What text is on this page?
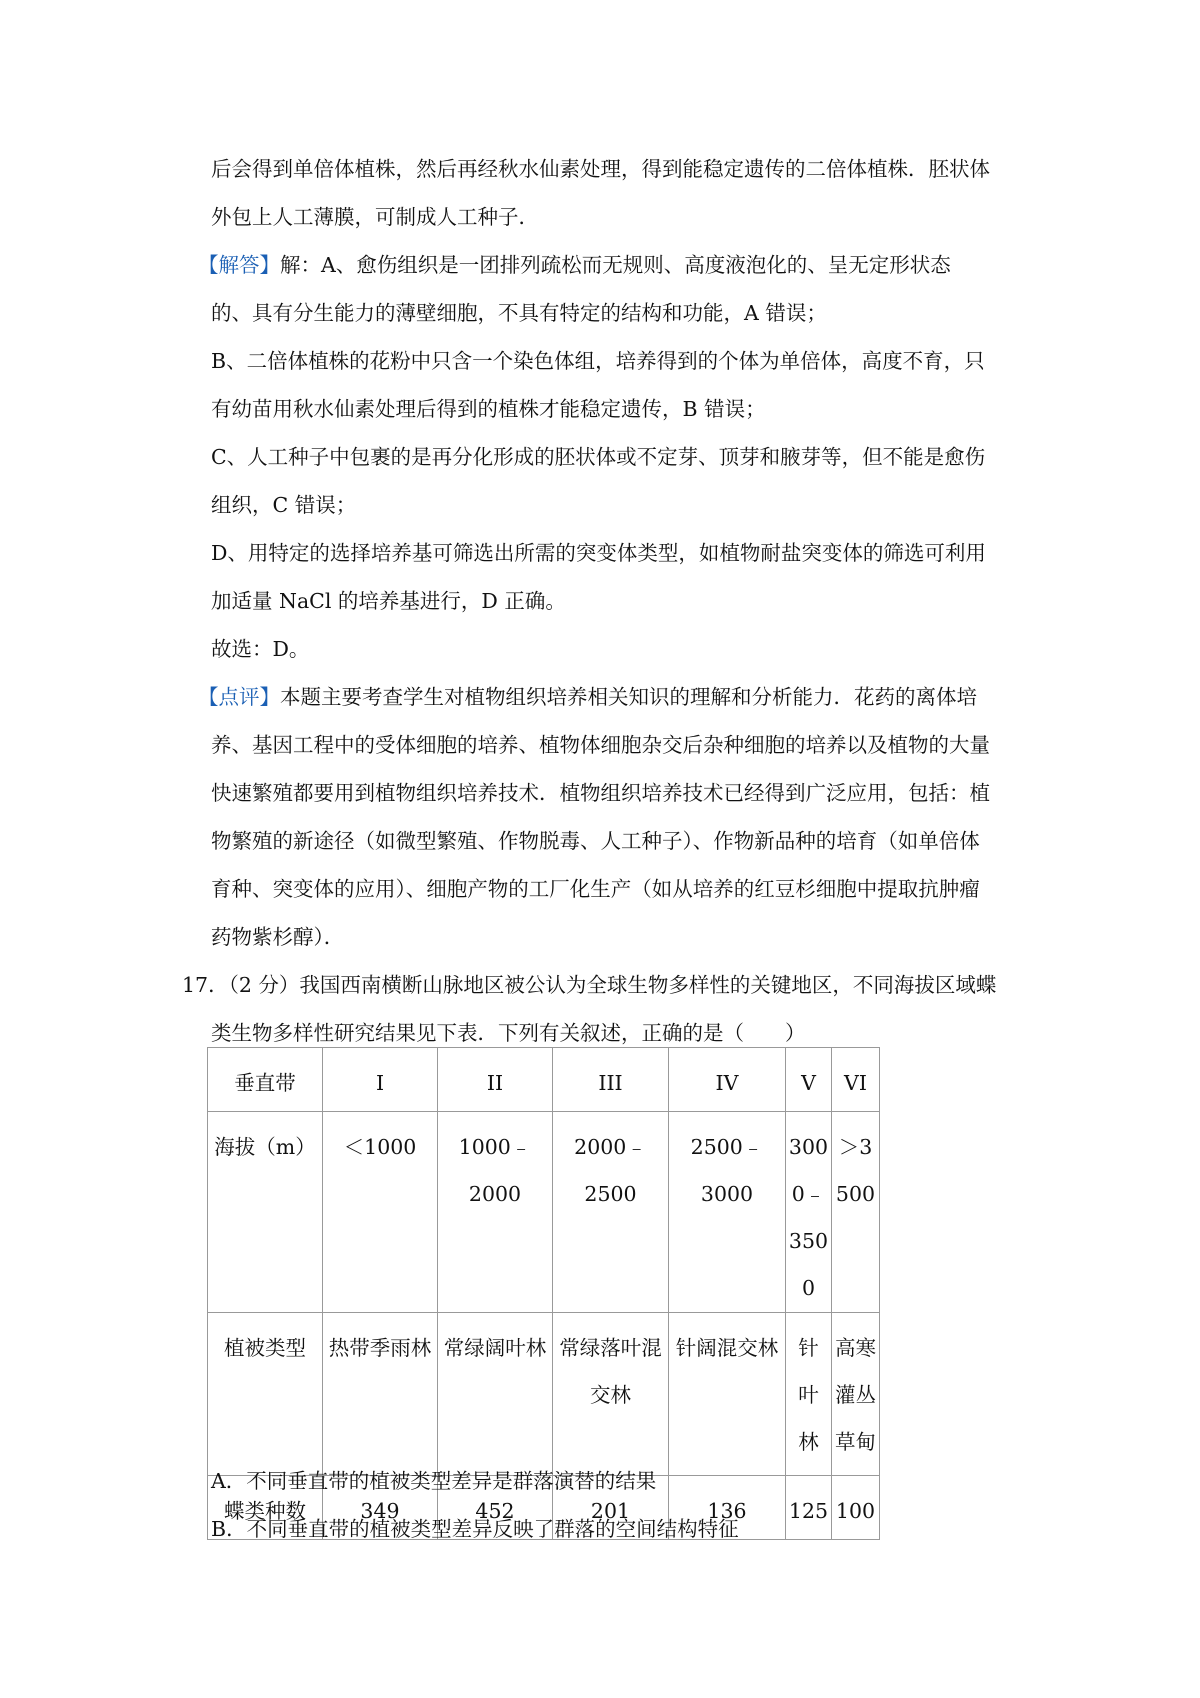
后会得到单倍体植株，然后再经秋水仙素处理，得到能稳定遗传的二倍体植株．胚状体
外包上人工薄膜，可制成人工种子．
【解答】解：A、愈伤组织是一团排列疏松而无规则、高度液泡化的、呈无定形状态
的、具有分生能力的薄壁细胞，不具有特定的结构和功能，A 错误；
B、二倍体植株的花粉中只含一个染色体组，培养得到的个体为单倍体，高度不育，只
有幼苗用秋水仙素处理后得到的植株才能稳定遗传，B 错误；
C、人工种子中包裹的是再分化形成的胚状体或不定芽、顶芽和腋芽等，但不能是愈伤
组织，C 错误；
D、用特定的选择培养基可筛选出所需的突变体类型，如植物耐盐突变体的筛选可利用
加适量 NaCl 的培养基进行，D 正确。
故选：D。
【点评】本题主要考查学生对植物组织培养相关知识的理解和分析能力．花药的离体培
养、基因工程中的受体细胞的培养、植物体细胞杂交后杂种细胞的培养以及植物的大量
快速繁殖都要用到植物组织培养技术．植物组织培养技术已经得到广泛应用，包括：植
物繁殖的新途径（如微型繁殖、作物脱毒、人工种子）、作物新品种的培育（如单倍体
育种、突变体的应用）、细胞产物的工厂化生产（如从培养的红豆杉细胞中提取抗肿瘤
药物紫杉醇）．
17．（2 分）我国西南横断山脉地区被公认为全球生物多样性的关键地区，不同海拔区域蝶
类生物多样性研究结果见下表．下列有关叙述，正确的是（　　）
垂直带	I	II	III	IV	V	VI
海拔（m）	＜1000	1000﹣2000	2000﹣2500	2500﹣3000	3000﹣3500	＞3500
植被类型	热带季雨林	常绿阔叶林	常绿落叶混交林	针阔混交林	针叶林	高寒灌丛草甸
蝶类种数	349	452	201	136	125	100
A．不同垂直带的植被类型差异是群落演替的结果
B．不同垂直带的植被类型差异反映了群落的空间结构特征
